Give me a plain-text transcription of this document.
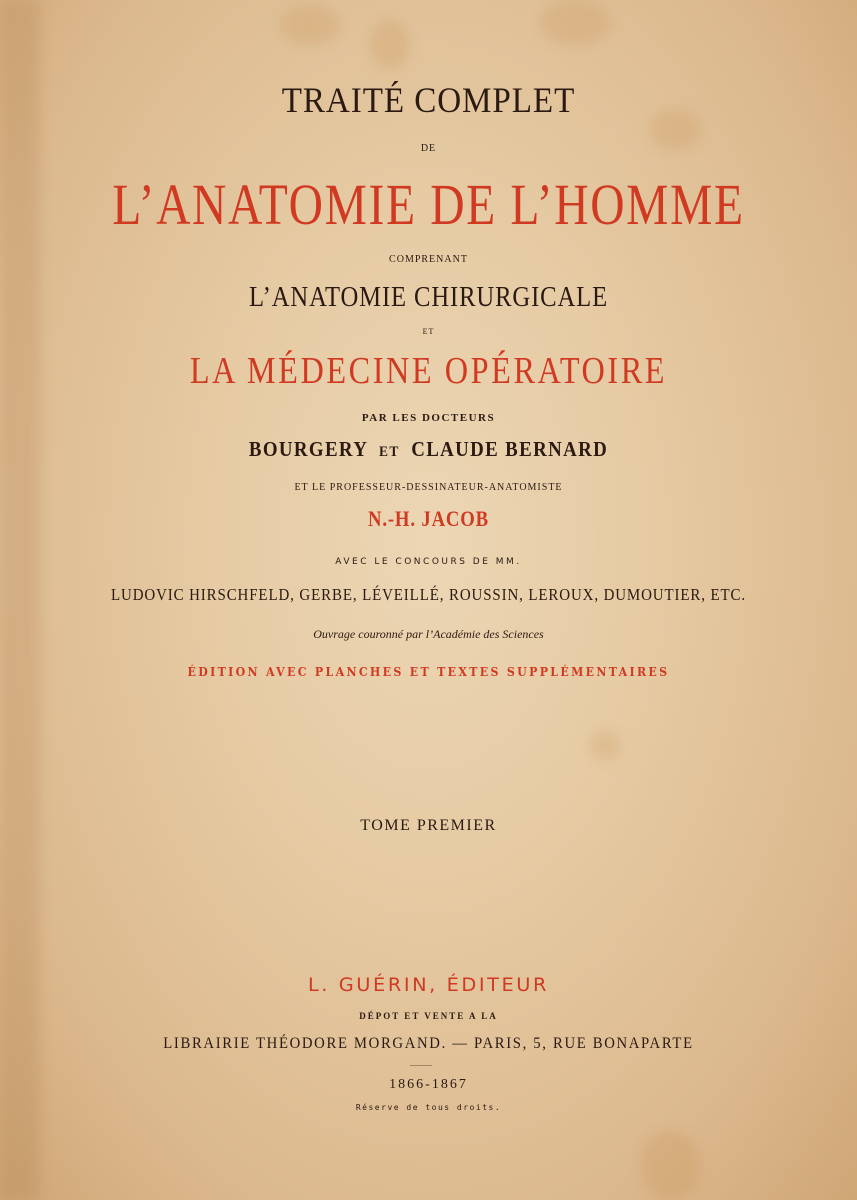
TRAITÉ COMPLET
DE
L’ANATOMIE DE L’HOMME
COMPRENANT
L’ANATOMIE CHIRURGICALE
ET
LA MÉDECINE OPÉRATOIRE
PAR LES DOCTEURS
BOURGERY ET CLAUDE BERNARD
ET LE PROFESSEUR-DESSINATEUR-ANATOMISTE
N.-H. JACOB
AVEC LE CONCOURS DE MM.
LUDOVIC HIRSCHFELD, GERBE, LÉVEILLÉ, ROUSSIN, LEROUX, DUMOUTIER, ETC.
Ouvrage couronné par l’Académie des Sciences
ÉDITION AVEC PLANCHES ET TEXTES SUPPLÉMENTAIRES
TOME PREMIER
L. GUÉRIN, ÉDITEUR
DÉPOT ET VENTE A LA
LIBRAIRIE THÉODORE MORGAND. — PARIS, 5, RUE BONAPARTE
1866-1867
Réserve de tous droits.
